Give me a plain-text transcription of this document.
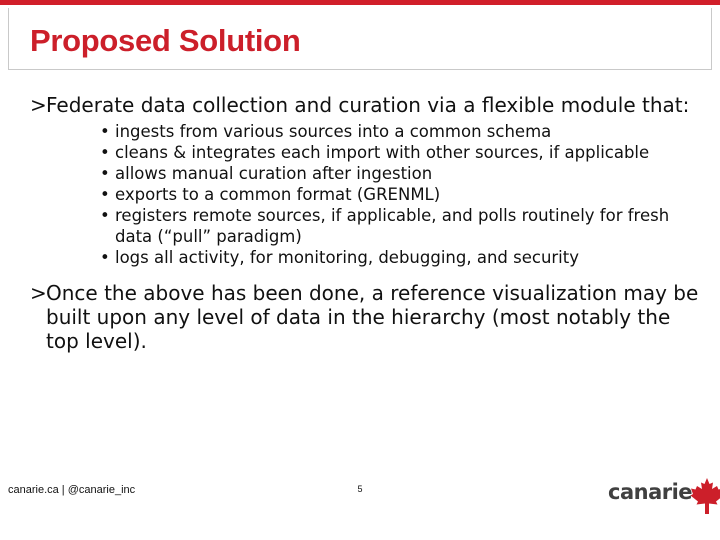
Proposed Solution
> Federate data collection and curation via a flexible module that:
• ingests from various sources into a common schema
• cleans & integrates each import with other sources, if applicable
• allows manual curation after ingestion
• exports to a common format (GRENML)
• registers remote sources, if applicable, and polls routinely for fresh data (“pull” paradigm)
• logs all activity, for monitoring, debugging, and security
> Once the above has been done, a reference visualization may be built upon any level of data in the hierarchy (most notably the top level).
canarie.ca | @canarie_inc	5	canarie
